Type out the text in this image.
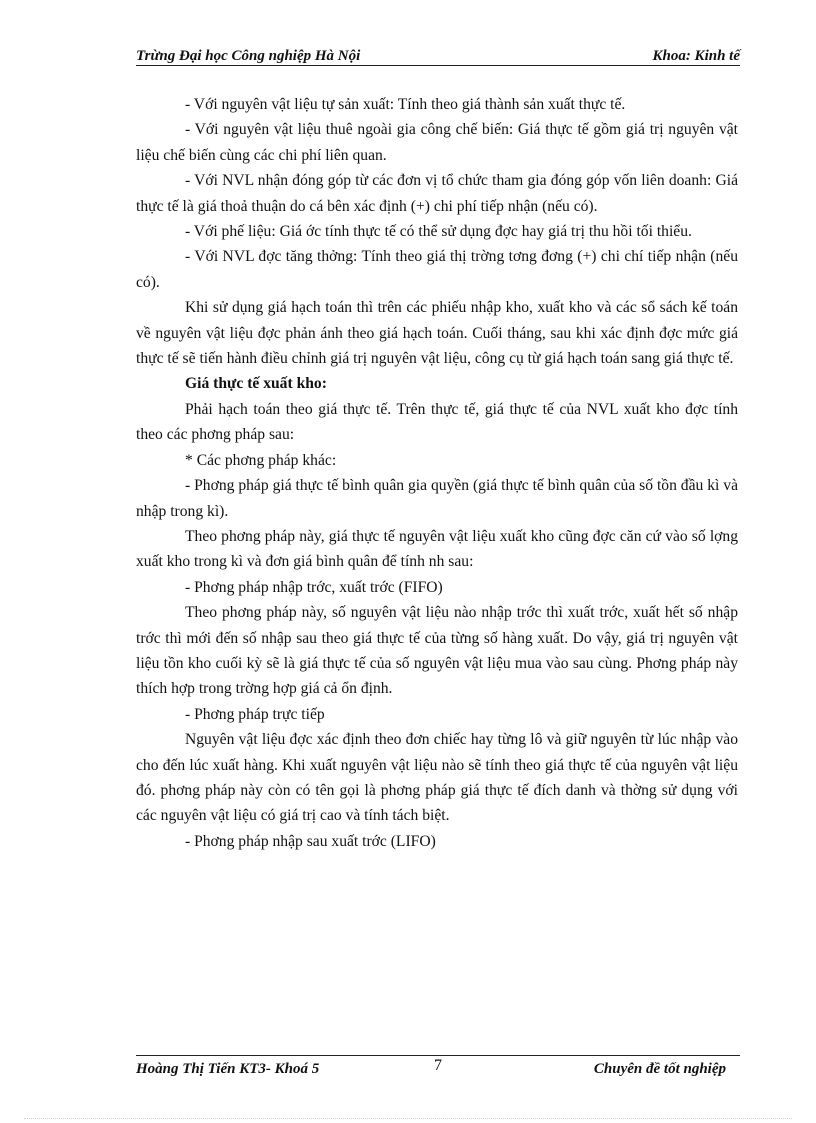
Trừng Đại học Công nghiệp Hà Nội	Khoa: Kinh tế

- Với nguyên vật liệu tự sản xuất: Tính theo giá thành sản xuất thực tế.

- Với nguyên vật liệu thuê ngoài gia công chế biến: Giá thực tế gồm giá trị nguyên vật liệu chế biến cùng các chi phí liên quan.

- Với NVL nhận đóng góp từ các đơn vị tổ chức tham gia đóng góp vốn liên doanh: Giá thực tế là giá thoả thuận do cá bên xác định (+) chi phí tiếp nhận (nếu có).

- Với phế liệu: Giá ớc tính thực tế có thể sử dụng đợc hay giá trị thu hồi tối thiểu.

- Với NVL đợc tăng thởng: Tính theo giá thị trờng tơng đơng (+) chi chí tiếp nhận (nếu có).

Khi sử dụng giá hạch toán thì trên các phiếu nhập kho, xuất kho và các sổ sách kế toán về nguyên vật liệu đợc phản ánh theo giá hạch toán. Cuối tháng, sau khi xác định đợc mức giá thực tế sẽ tiến hành điều chỉnh giá trị nguyên vật liệu, công cụ từ giá hạch toán sang giá thực tế.

Giá thực tế xuất kho:

Phải hạch toán theo giá thực tế. Trên thực tế, giá thực tế của NVL xuất kho đợc tính theo các phơng pháp sau:

* Các phơng pháp khác:

- Phơng pháp giá thực tế bình quân gia quyền (giá thực tế bình quân của số tồn đầu kì và nhập trong kì).

Theo phơng pháp này, giá thực tế nguyên vật liệu xuất kho cũng đợc căn cứ vào số lợng xuất kho trong kì và đơn giá bình quân để tính nh sau:

- Phơng pháp nhập trớc, xuất trớc (FIFO)

Theo phơng pháp này, số nguyên vật liệu nào nhập trớc thì xuất trớc, xuất hết số nhập trớc thì mới đến số nhập sau theo giá thực tế của từng số hàng xuất. Do vậy, giá trị nguyên vật liệu tồn kho cuối kỳ sẽ là giá thực tế của số nguyên vật liệu mua vào sau cùng. Phơng pháp này thích hợp trong trờng hợp giá cả ổn định.

- Phơng pháp trực tiếp

Nguyên vật liệu đợc xác định theo đơn chiếc hay từng lô và giữ nguyên từ lúc nhập vào cho đến lúc xuất hàng. Khi xuất nguyên vật liệu nào sẽ tính theo giá thực tế của nguyên vật liệu đó. phơng pháp này còn có tên gọi là phơng pháp giá thực tế đích danh và thờng sử dụng với các nguyên vật liệu có giá trị cao và tính tách biệt.

- Phơng pháp nhập sau xuất trớc (LIFO)

Hoàng Thị Tiến KT3- Khoá 5	7	Chuyên đề tốt nghiệp
